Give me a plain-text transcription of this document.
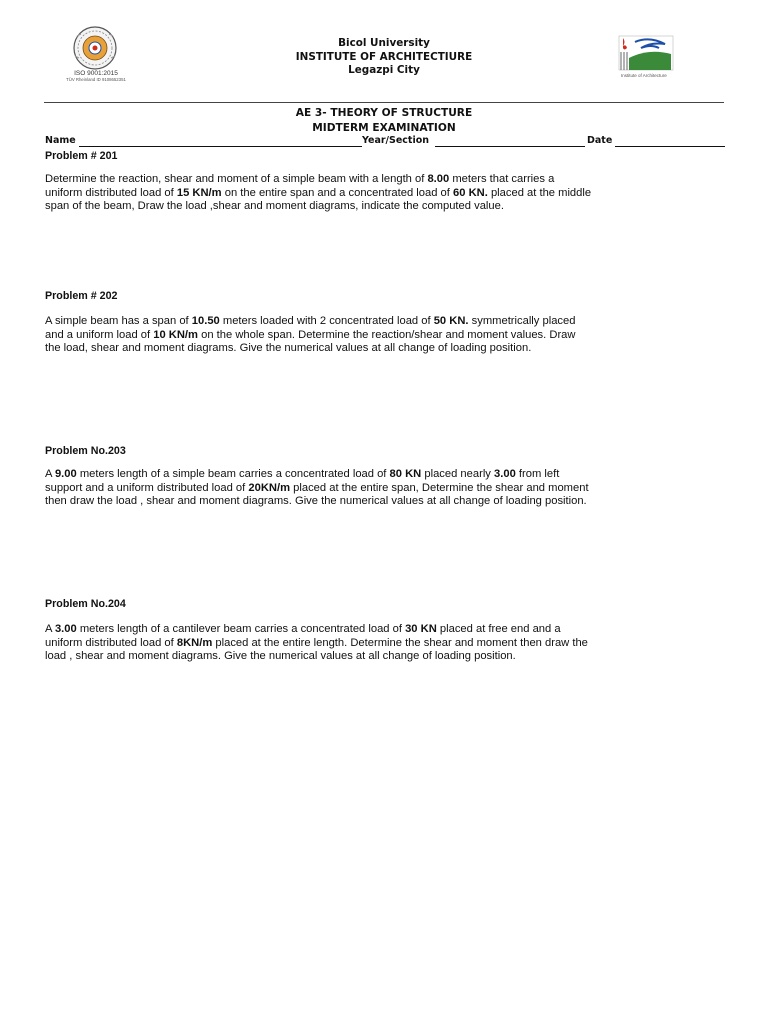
ISO 9001:2015
TÜV Rheinland ID 9108652351
Bicol University
INSTITUTE OF ARCHITECTIURE
Legazpi City	Institute of Architecture
AE 3- THEORY OF STRUCTURE
MIDTERM EXAMINATION
Name	Year/Section	Date
Problem # 201
Determine the reaction, shear and moment of a simple beam with a length of 8.00 meters that carries a
uniform distributed load of 15 KN/m on the entire span and a concentrated load of 60 KN. placed at the middle
span of the beam, Draw the load ,shear and moment diagrams, indicate the computed value.
Problem # 202
A simple beam has a span of 10.50 meters loaded with 2 concentrated load of 50 KN. symmetrically placed
and a uniform load of 10 KN/m on the whole span. Determine the reaction/shear and moment values. Draw
the load, shear and moment diagrams. Give the numerical values at all change of loading position.
Problem No.203
A 9.00 meters length of a simple beam carries a concentrated load of 80 KN placed nearly 3.00 from left
support and a uniform distributed load of 20KN/m placed at the entire span, Determine the shear and moment
then draw the load , shear and moment diagrams. Give the numerical values at all change of loading position.
Problem No.204
A 3.00 meters length of a cantilever beam carries a concentrated load of 30 KN placed at free end and a
uniform distributed load of 8KN/m placed at the entire length. Determine the shear and moment then draw the
load , shear and moment diagrams. Give the numerical values at all change of loading position.
